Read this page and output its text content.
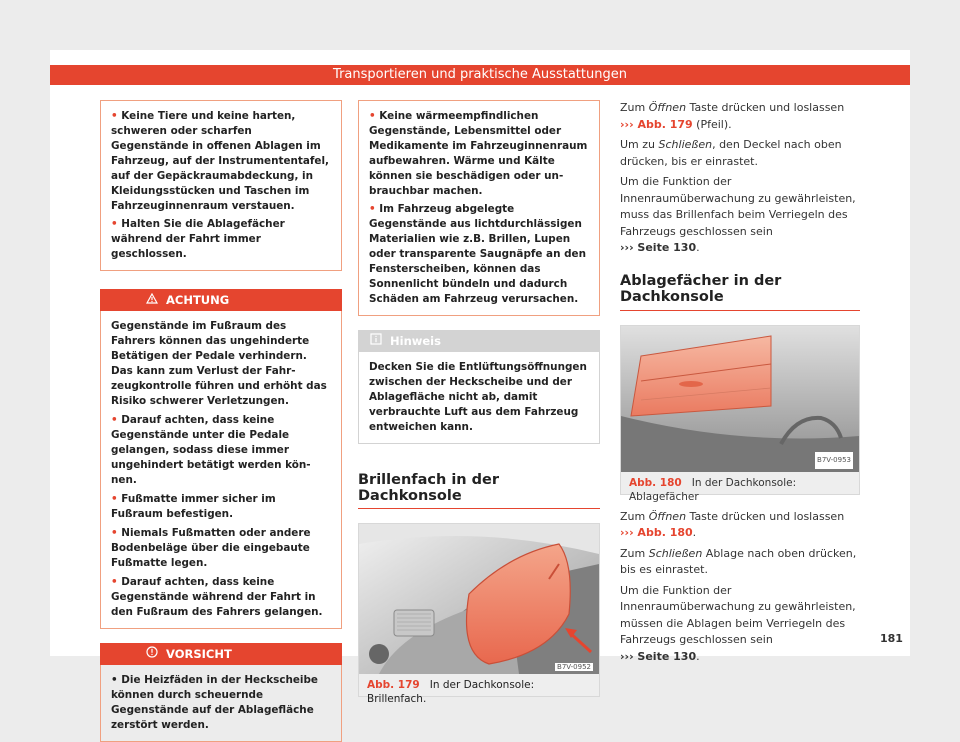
Transportieren und praktische Ausstattungen

• Keine Tiere und keine harten, schweren oder scharfen Gegenstände in offenen Ablagen im Fahrzeug, auf der Instrumententafel, auf der Gepäckraumabdeckung, in Kleidungsstücken und Taschen im Fahrzeuginnenraum verstauen.

• Halten Sie die Ablagefächer während der Fahrt immer geschlossen.

ACHTUNG

Gegenstände im Fußraum des Fahrers können das ungehinderte Betätigen der Pedale verhindern. Das kann zum Verlust der Fahrzeugkontrolle führen und erhöht das Risiko schwerer Verletzungen.

• Darauf achten, dass keine Gegenstände unter die Pedale gelangen, sodass diese immer ungehindert betätigt werden können.

• Fußmatte immer sicher im Fußraum befestigen.

• Niemals Fußmatten oder andere Bodenbeläge über die eingebaute Fußmatte legen.

• Darauf achten, dass keine Gegenstände während der Fahrt in den Fußraum des Fahrers gelangen.

VORSICHT

• Die Heizfäden in der Heckscheibe können durch scheuernde Gegenstände auf der Ablagefläche zerstört werden.

• Keine wärmeempfindlichen Gegenstände, Lebensmittel oder Medikamente im Fahrzeuginnenraum aufbewahren. Wärme und Kälte können sie beschädigen oder unbrauchbar machen.

• Im Fahrzeug abgelegte Gegenstände aus lichtdurchlässigen Materialien wie z.B. Brillen, Lupen oder transparente Saugnäpfe an den Fensterscheiben, können das Sonnenlicht bündeln und dadurch Schäden am Fahrzeug verursachen.

Hinweis

Decken Sie die Entlüftungsöffnungen zwischen der Heckscheibe und der Ablagefläche nicht ab, damit verbrauchte Luft aus dem Fahrzeug entweichen kann.

Brillenfach in der Dachkonsole
B7V-0952
Abb. 179 In der Dachkonsole: Brillenfach.

Zum Öffnen Taste drücken und loslassen
››› Abb. 179 (Pfeil).

Um zu Schließen, den Deckel nach oben drücken, bis er einrastet.

Um die Funktion der Innenraumüberwachung zu gewährleisten, muss das Brillenfach beim Verriegeln des Fahrzeugs geschlossen sein
››› Seite 130.

Ablagefächer in der Dachkonsole
B7V-0953
Abb. 180 In der Dachkonsole: Ablagefächer

Zum Öffnen Taste drücken und loslassen
››› Abb. 180.

Zum Schließen Ablage nach oben drücken, bis es einrastet.

Um die Funktion der Innenraumüberwachung zu gewährleisten, müssen die Ablagen beim Verriegeln des Fahrzeugs geschlossen sein
››› Seite 130.

181
